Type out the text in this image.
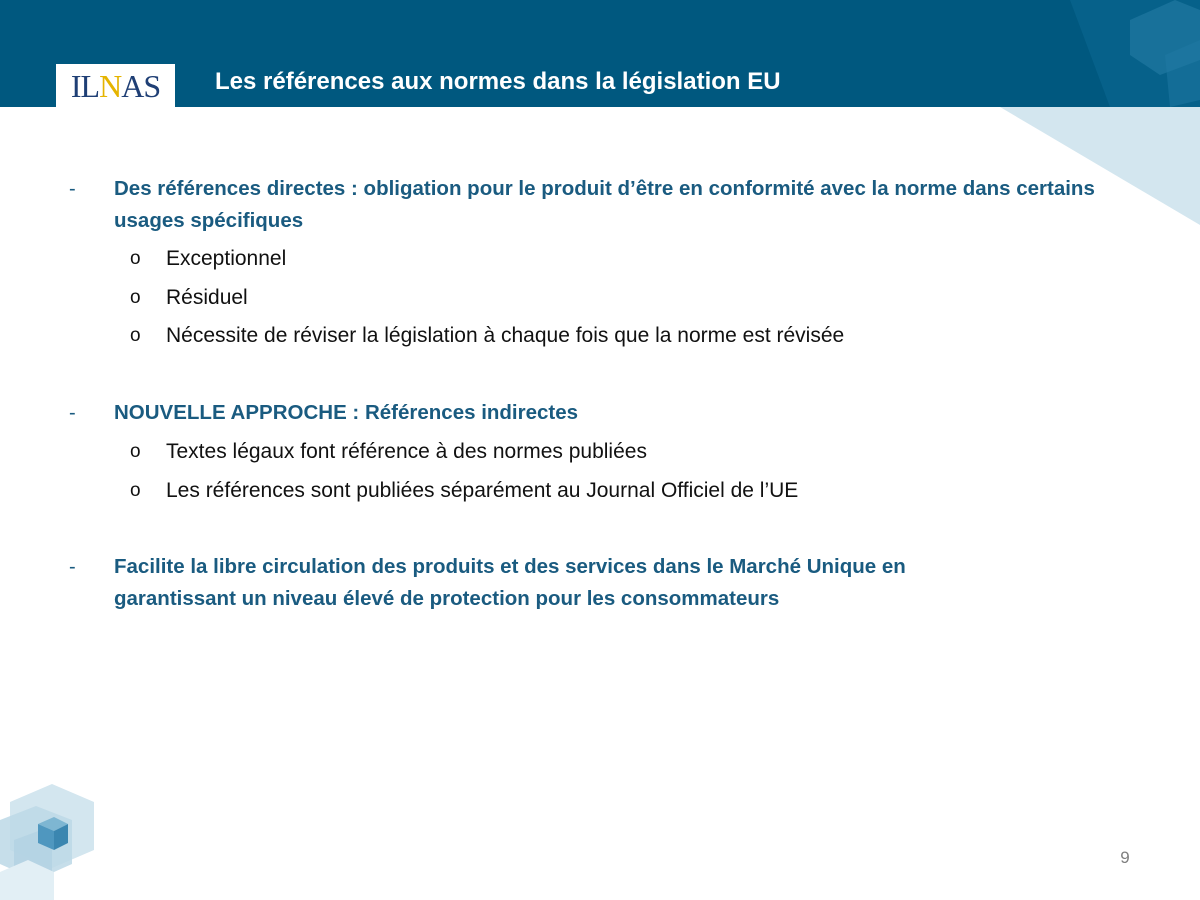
ILNAS Les références aux normes dans la législation EU
- Des références directes : obligation pour le produit d’être en conformité avec la norme dans certains usages spécifiques
o Exceptionnel
o Résiduel
o Nécessite de réviser la législation à chaque fois que la norme est révisée
- NOUVELLE APPROCHE : Références indirectes
o Textes légaux font référence à des normes publiées
o Les références sont publiées séparément au Journal Officiel de l’UE
- Facilite la libre circulation des produits et des services dans le Marché Unique en garantissant un niveau élevé de protection pour les consommateurs
9
